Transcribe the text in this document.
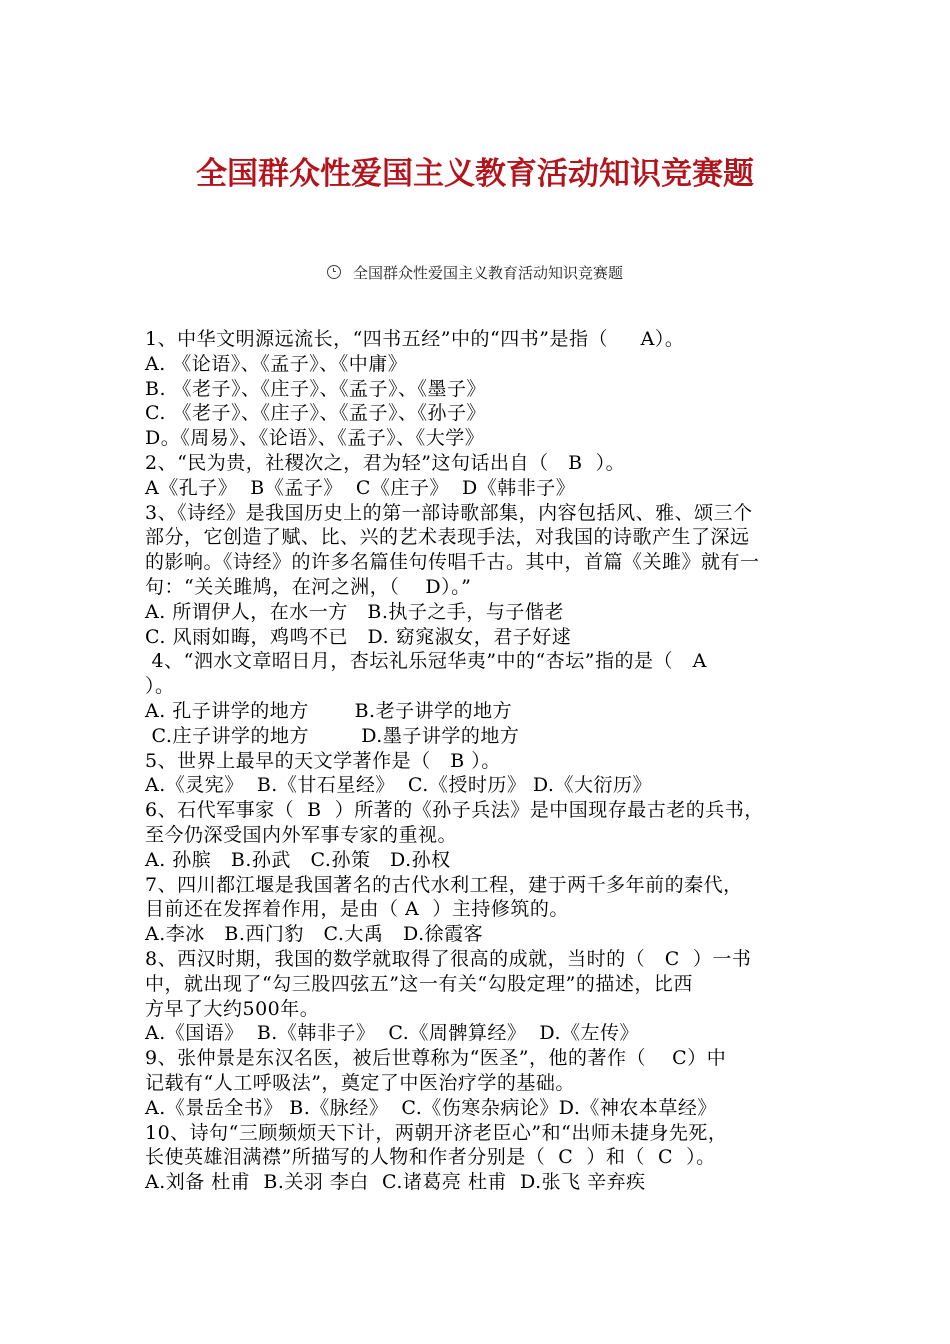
全国群众性爱国主义教育活动知识竞赛题
全国群众性爱国主义教育活动知识竞赛题
1、中华文明源远流长，“四书五经”中的“四书”是指（     A）。
A. 《论语》、《孟子》、《中庸》
B. 《老子》、《庄子》、《孟子》、《墨子》
C. 《老子》、《庄子》、《孟子》、《孙子》
D。《周易》、《论语》、《孟子》、《大学》
2、“民为贵，社稷次之，君为轻”这句话出自（   B  ）。
A《孔子》  B《孟子》  C《庄子》  D《韩非子》
3、《诗经》是我国历史上的第一部诗歌部集，内容包括风、雅、颂三个
部分，它创造了赋、比、兴的艺术表现手法，对我国的诗歌产生了深远
的影响。《诗经》的许多名篇佳句传唱千古。其中，首篇《关雎》就有一
句：“关关雎鸠，在河之洲，（    D）。”
A. 所谓伊人，在水一方   B.执子之手，与子偕老
C. 风雨如晦，鸡鸣不已   D. 窈窕淑女，君子好逑
4、“泗水文章昭日月，杏坛礼乐冠华夷”中的“杏坛”指的是（   A
）。
A. 孔子讲学的地方       B.老子讲学的地方
C.庄子讲学的地方        D.墨子讲学的地方
5、世界上最早的天文学著作是（   B ）。
A.《灵宪》  B.《甘石星经》  C.《授时历》 D.《大衍历》
6、石代军事家（  B  ）所著的《孙子兵法》是中国现存最古老的兵书，
至今仍深受国内外军事专家的重视。
A. 孙膑   B.孙武   C.孙策   D.孙权
7、四川都江堰是我国著名的古代水利工程，建于两千多年前的秦代，
目前还在发挥着作用，是由（ A  ）主持修筑的。
A.李冰   B.西门豹   C.大禹   D.徐霞客
8、西汉时期，我国的数学就取得了很高的成就，当时的（   C  ）一书
中，就出现了“勾三股四弦五”这一有关“勾股定理”的描述，比西
方早了大约500年。
A.《国语》  B.《韩非子》  C.《周髀算经》  D.《左传》
9、张仲景是东汉名医，被后世尊称为“医圣”，他的著作（    C）中
记载有“人工呼吸法”，奠定了中医治疗学的基础。
A.《景岳全书》 B.《脉经》  C.《伤寒杂病论》D.《神农本草经》
10、诗句“三顾频烦天下计，两朝开济老臣心”和“出师未捷身先死，
长使英雄泪满襟”所描写的人物和作者分别是（  C  ）和（  C  ）。
A.刘备 杜甫  B.关羽 李白  C.诸葛亮 杜甫  D.张飞 辛弃疾
